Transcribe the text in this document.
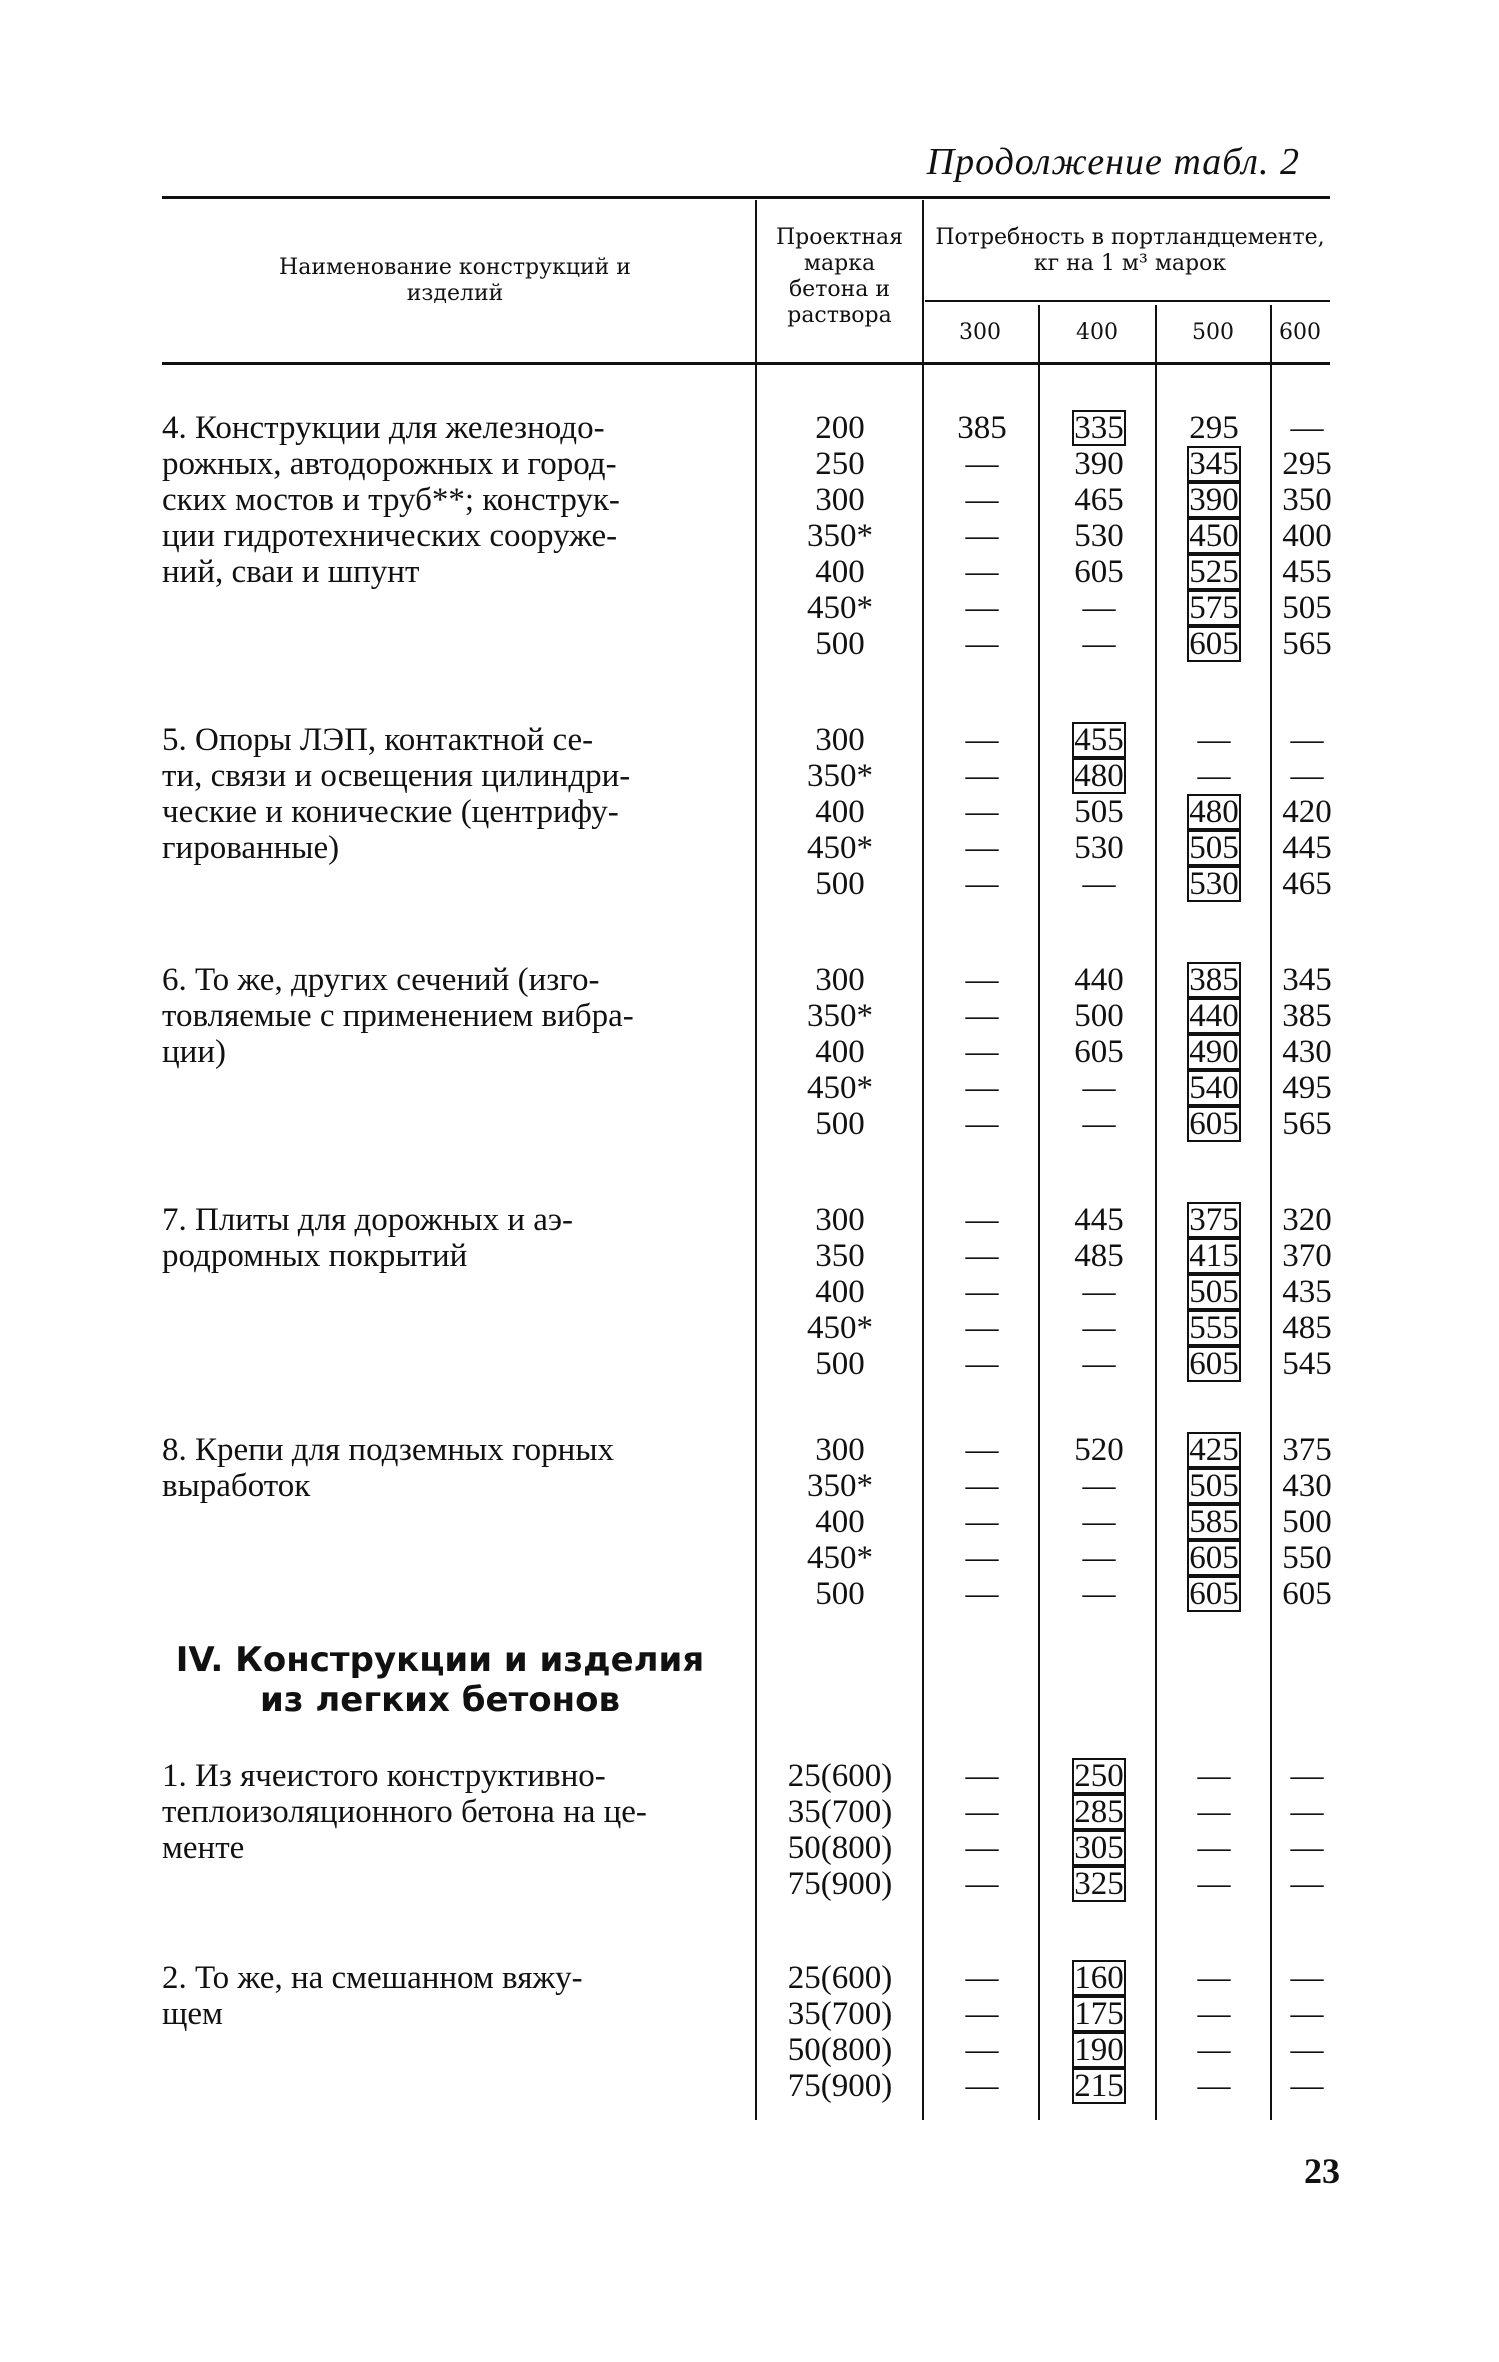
Продолжение табл. 2
Наименование конструкций и изделий
Проектная марка бетона и раствора
Потребность в портландцементе, кг на 1 м³ марок
300	400	500	600
4. Конструкции для железнодо-
рожных, автодорожных и город-
ских мостов и труб**; конструк-
ции гидротехнических сооруже-
ний, сваи и шпунт
200	385	335	295	—
250	—	390	345	295
300	—	465	390	350
350*	—	530	450	400
400	—	605	525	455
450*	—	—	575	505
500	—	—	605	565
5. Опоры ЛЭП, контактной се-
ти, связи и освещения цилиндри-
ческие и конические (центрифу-
гированные)
300	—	455	—	—
350*	—	480	—	—
400	—	505	480	420
450*	—	530	505	445
500	—	—	530	465
6. То же, других сечений (изго-
товляемые с применением вибра-
ции)
300	—	440	385	345
350*	—	500	440	385
400	—	605	490	430
450*	—	—	540	495
500	—	—	605	565
7. Плиты для дорожных и аэ-
родромных покрытий
300	—	445	375	320
350	—	485	415	370
400	—	—	505	435
450*	—	—	555	485
500	—	—	605	545
8. Крепи для подземных горных
выработок
300	—	520	425	375
350*	—	—	505	430
400	—	—	585	500
450*	—	—	605	550
500	—	—	605	605
IV. Конструкции и изделия
из легких бетонов
1. Из ячеистого конструктивно-
теплоизоляционного бетона на це-
менте
25(600)	—	250	—	—
35(700)	—	285	—	—
50(800)	—	305	—	—
75(900)	—	325	—	—
2. То же, на смешанном вяжу-
щем
25(600)	—	160	—	—
35(700)	—	175	—	—
50(800)	—	190	—	—
75(900)	—	215	—	—
23
